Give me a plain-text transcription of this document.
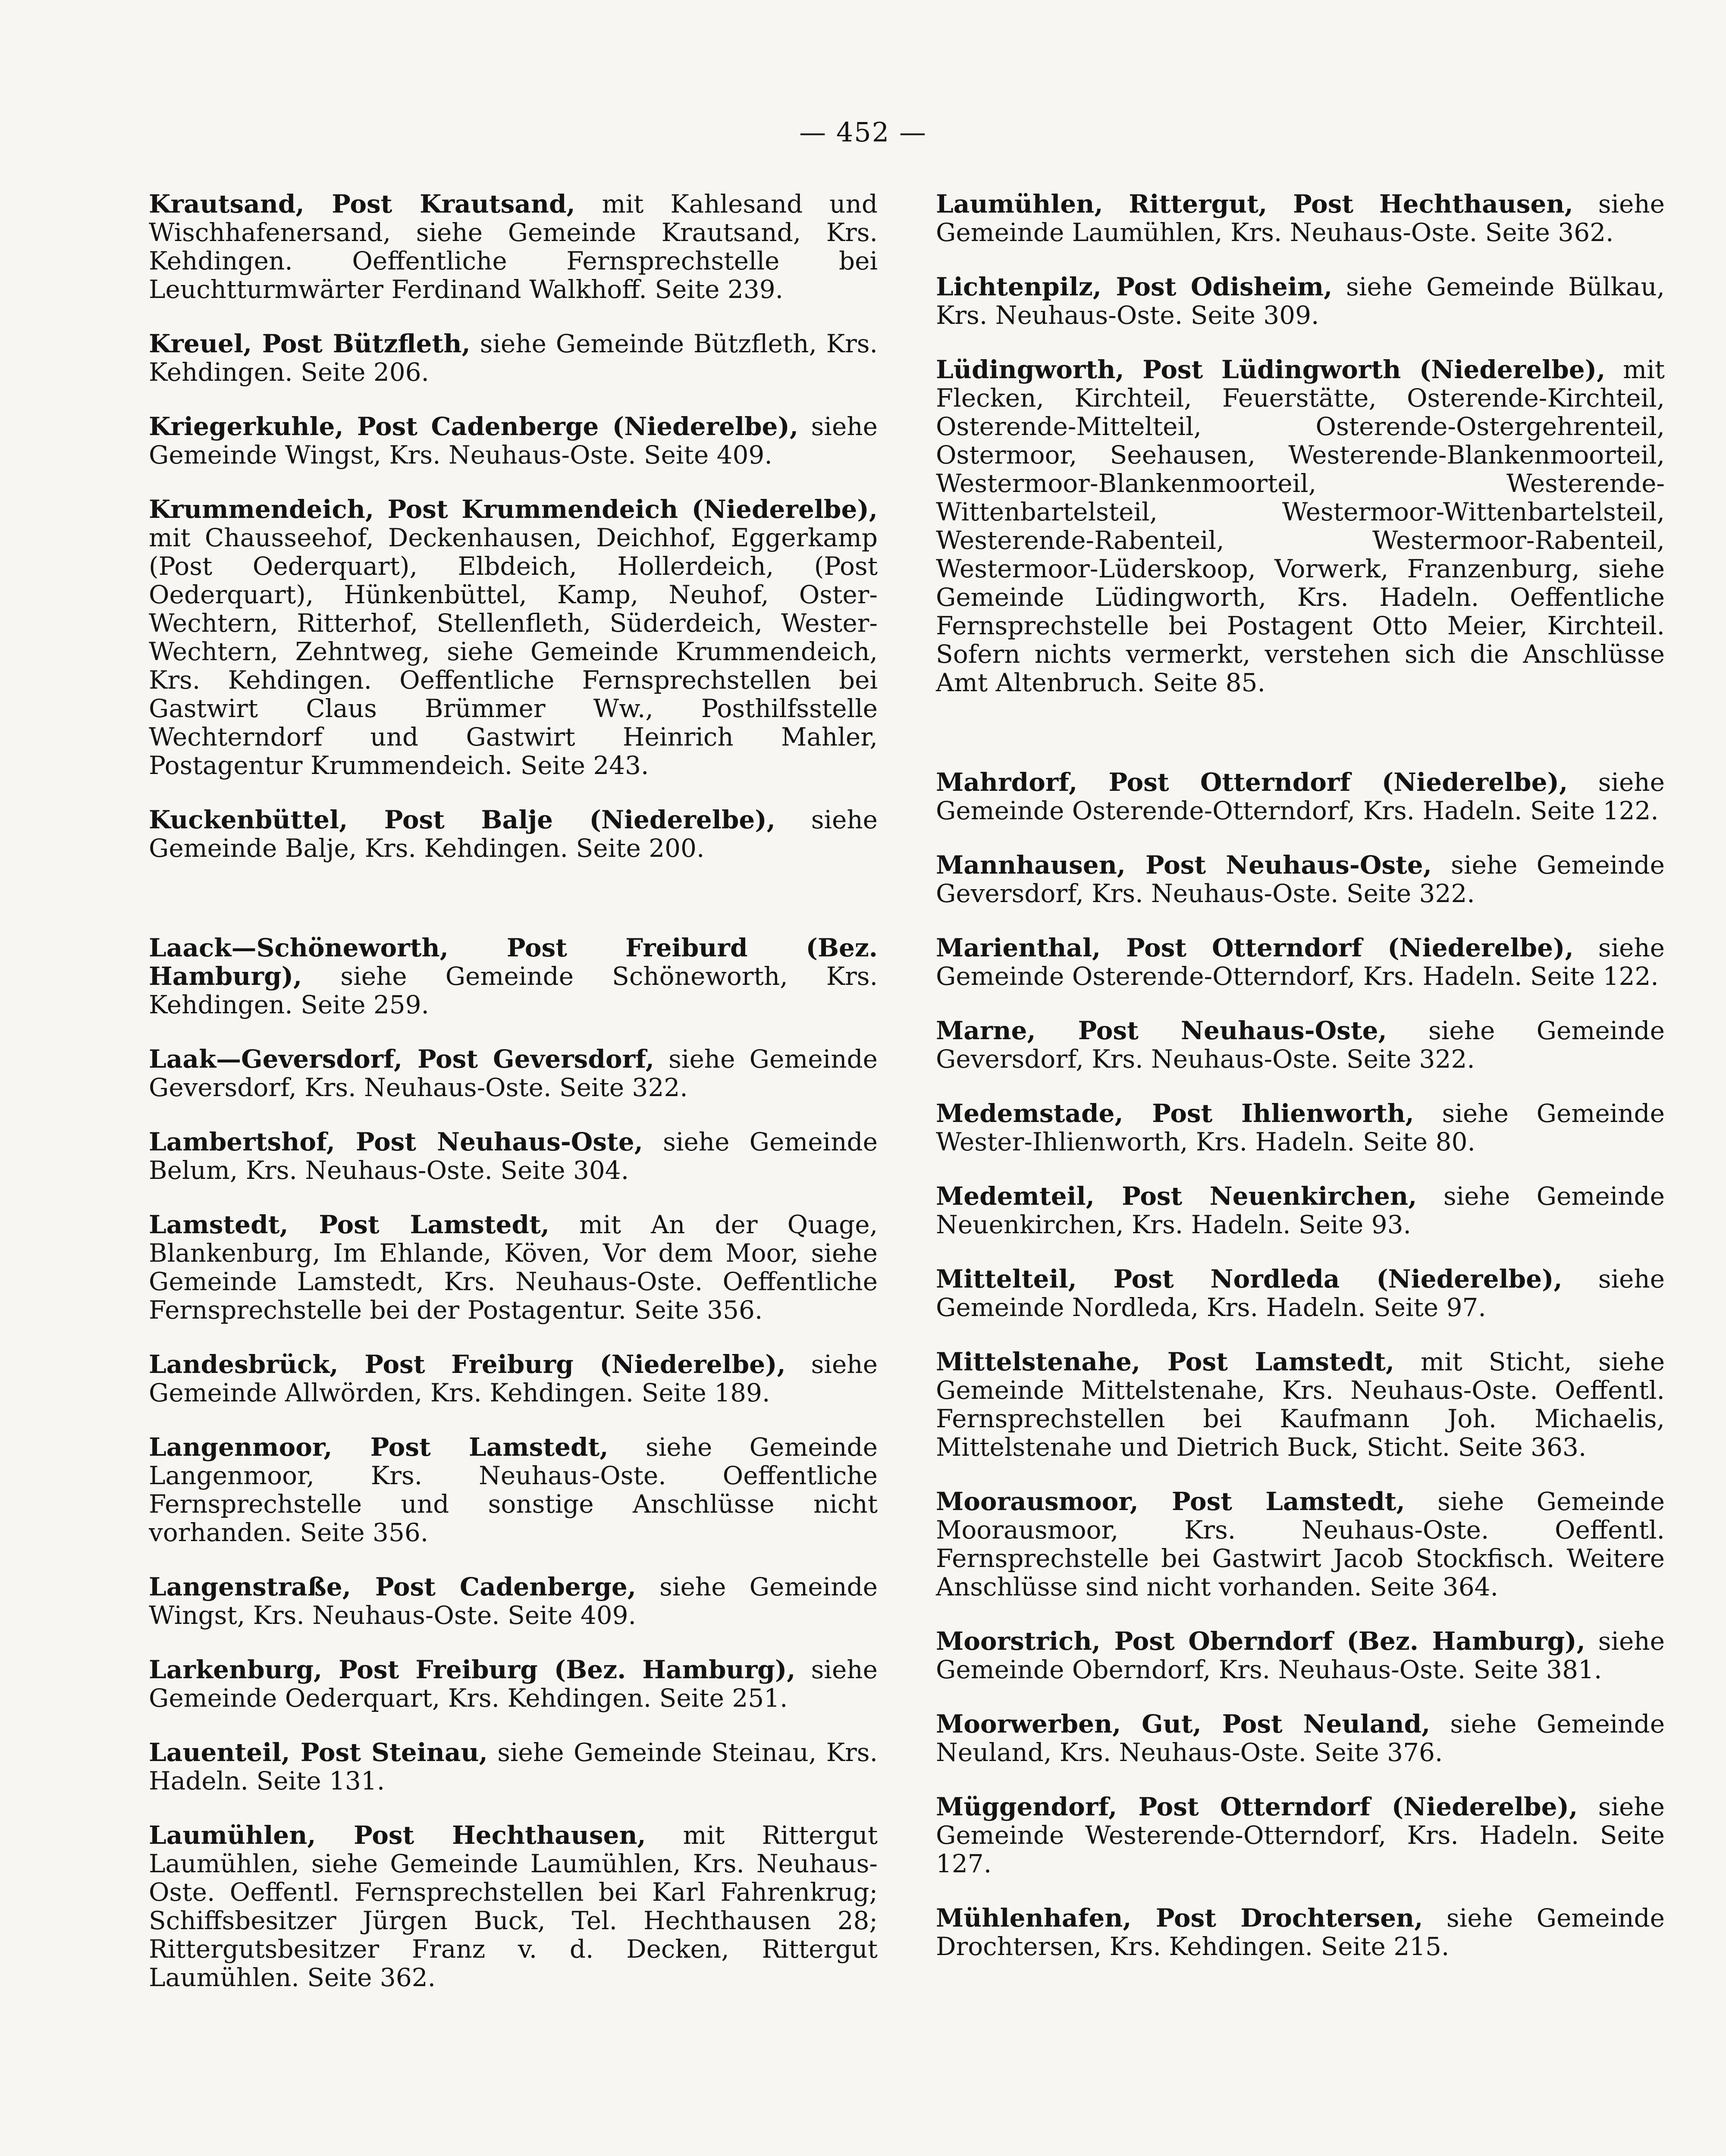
— 452 —
Krautsand, Post Krautsand, mit Kahlesand und Wischhafenersand, siehe Gemeinde Krautsand, Krs. Kehdingen. Oeffentliche Fernsprechstelle bei Leuchtturmwärter Ferdinand Walkhoff. Seite 239.
Kreuel, Post Bützfleth, siehe Gemeinde Bützfleth, Krs. Kehdingen. Seite 206.
Kriegerkuhle, Post Cadenberge (Niederelbe), siehe Gemeinde Wingst, Krs. Neuhaus-Oste. Seite 409.
Krummendeich, Post Krummendeich (Niederelbe), mit Chausseehof, Deckenhausen, Deichhof, Eggerkamp (Post Oederquart), Elbdeich, Hollerdeich, (Post Oederquart), Hünkenbüttel, Kamp, Neuhof, Oster-Wechtern, Ritterhof, Stellenfleth, Süderdeich, Wester-Wechtern, Zehntweg, siehe Gemeinde Krummendeich, Krs. Kehdingen. Oeffentliche Fernsprechstellen bei Gastwirt Claus Brümmer Ww., Posthilfsstelle Wechterndorf und Gastwirt Heinrich Mahler, Postagentur Krummendeich. Seite 243.
Kuckenbüttel, Post Balje (Niederelbe), siehe Gemeinde Balje, Krs. Kehdingen. Seite 200.
Laack—Schöneworth, Post Freiburd (Bez. Hamburg), siehe Gemeinde Schöneworth, Krs. Kehdingen. Seite 259.
Laak—Geversdorf, Post Geversdorf, siehe Gemeinde Geversdorf, Krs. Neuhaus-Oste. Seite 322.
Lambertshof, Post Neuhaus-Oste, siehe Gemeinde Belum, Krs. Neuhaus-Oste. Seite 304.
Lamstedt, Post Lamstedt, mit An der Quage, Blankenburg, Im Ehlande, Köven, Vor dem Moor, siehe Gemeinde Lamstedt, Krs. Neuhaus-Oste. Oeffentliche Fernsprechstelle bei der Postagentur. Seite 356.
Landesbrück, Post Freiburg (Niederelbe), siehe Gemeinde Allwörden, Krs. Kehdingen. Seite 189.
Langenmoor, Post Lamstedt, siehe Gemeinde Langenmoor, Krs. Neuhaus-Oste. Oeffentliche Fernsprechstelle und sonstige Anschlüsse nicht vorhanden. Seite 356.
Langenstraße, Post Cadenberge, siehe Gemeinde Wingst, Krs. Neuhaus-Oste. Seite 409.
Larkenburg, Post Freiburg (Bez. Hamburg), siehe Gemeinde Oederquart, Krs. Kehdingen. Seite 251.
Lauenteil, Post Steinau, siehe Gemeinde Steinau, Krs. Hadeln. Seite 131.
Laumühlen, Post Hechthausen, mit Rittergut Laumühlen, siehe Gemeinde Laumühlen, Krs. Neuhaus-Oste. Oeffentl. Fernsprechstellen bei Karl Fahrenkrug; Schiffsbesitzer Jürgen Buck, Tel. Hechthausen 28; Rittergutsbesitzer Franz v. d. Decken, Rittergut Laumühlen. Seite 362.
Laumühlen, Rittergut, Post Hechthausen, siehe Gemeinde Laumühlen, Krs. Neuhaus-Oste. Seite 362.
Lichtenpilz, Post Odisheim, siehe Gemeinde Bülkau, Krs. Neuhaus-Oste. Seite 309.
Lüdingworth, Post Lüdingworth (Niederelbe), mit Flecken, Kirchteil, Feuerstätte, Osterende-Kirchteil, Osterende-Mittelteil, Osterende-Ostergehrenteil, Ostermoor, Seehausen, Westerende-Blankenmoorteil, Westermoor-Blankenmoorteil, Westerende-Wittenbartelsteil, Westermoor-Wittenbartelsteil, Westerende-Rabenteil, Westermoor-Rabenteil, Westermoor-Lüderskoop, Vorwerk, Franzenburg, siehe Gemeinde Lüdingworth, Krs. Hadeln. Oeffentliche Fernsprechstelle bei Postagent Otto Meier, Kirchteil. Sofern nichts vermerkt, verstehen sich die Anschlüsse Amt Altenbruch. Seite 85.
Mahrdorf, Post Otterndorf (Niederelbe), siehe Gemeinde Osterende-Otterndorf, Krs. Hadeln. Seite 122.
Mannhausen, Post Neuhaus-Oste, siehe Gemeinde Geversdorf, Krs. Neuhaus-Oste. Seite 322.
Marienthal, Post Otterndorf (Niederelbe), siehe Gemeinde Osterende-Otterndorf, Krs. Hadeln. Seite 122.
Marne, Post Neuhaus-Oste, siehe Gemeinde Geversdorf, Krs. Neuhaus-Oste. Seite 322.
Medemstade, Post Ihlienworth, siehe Gemeinde Wester-Ihlienworth, Krs. Hadeln. Seite 80.
Medemteil, Post Neuenkirchen, siehe Gemeinde Neuenkirchen, Krs. Hadeln. Seite 93.
Mittelteil, Post Nordleda (Niederelbe), siehe Gemeinde Nordleda, Krs. Hadeln. Seite 97.
Mittelstenahe, Post Lamstedt, mit Sticht, siehe Gemeinde Mittelstenahe, Krs. Neuhaus-Oste. Oeffentl. Fernsprechstellen bei Kaufmann Joh. Michaelis, Mittelstenahe und Dietrich Buck, Sticht. Seite 363.
Moorausmoor, Post Lamstedt, siehe Gemeinde Moorausmoor, Krs. Neuhaus-Oste. Oeffentl. Fernsprechstelle bei Gastwirt Jacob Stockfisch. Weitere Anschlüsse sind nicht vorhanden. Seite 364.
Moorstrich, Post Oberndorf (Bez. Hamburg), siehe Gemeinde Oberndorf, Krs. Neuhaus-Oste. Seite 381.
Moorwerben, Gut, Post Neuland, siehe Gemeinde Neuland, Krs. Neuhaus-Oste. Seite 376.
Müggendorf, Post Otterndorf (Niederelbe), siehe Gemeinde Westerende-Otterndorf, Krs. Hadeln. Seite 127.
Mühlenhafen, Post Drochtersen, siehe Gemeinde Drochtersen, Krs. Kehdingen. Seite 215.
